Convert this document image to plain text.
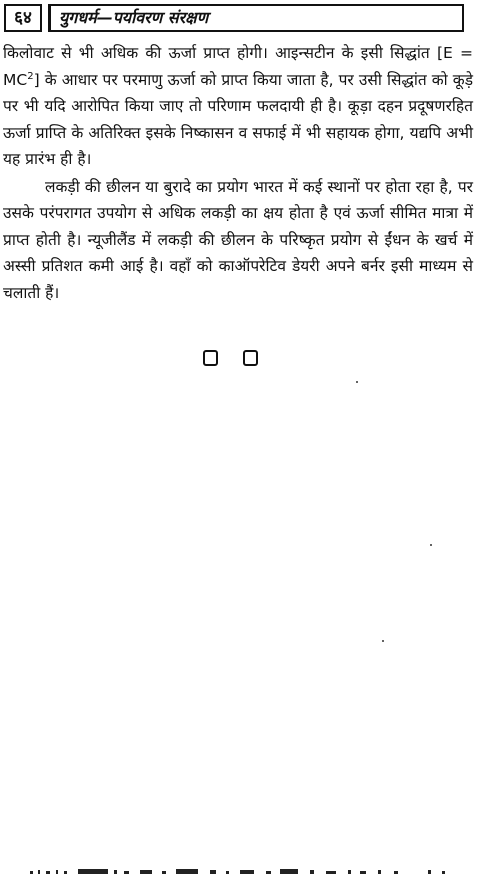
६४	युगधर्म—पर्यावरण संरक्षण

किलोवाट से भी अधिक की ऊर्जा प्राप्त होगी। आइन्सटीन के इसी सिद्धांत $[E = MC^2]$ के आधार पर परमाणु ऊर्जा को प्राप्त किया जाता है, पर उसी सिद्धांत को कूड़े पर भी यदि आरोपित किया जाए तो परिणाम फलदायी ही है। कूड़ा दहन प्रदूषणरहित ऊर्जा प्राप्ति के अतिरिक्त इसके निष्कासन व सफाई में भी सहायक होगा, यद्यपि अभी यह प्रारंभ ही है।

लकड़ी की छीलन या बुरादे का प्रयोग भारत में कई स्थानों पर होता रहा है, पर उसके परंपरागत उपयोग से अधिक लकड़ी का क्षय होता है एवं ऊर्जा सीमित मात्रा में प्राप्त होती है। न्यूजीलैंड में लकड़ी की छीलन के परिष्कृत प्रयोग से ईंधन के खर्च में अस्सी प्रतिशत कमी आई है। वहाँ को काऑपरेटिव डेयरी अपने बर्नर इसी माध्यम से चलाती हैं।
